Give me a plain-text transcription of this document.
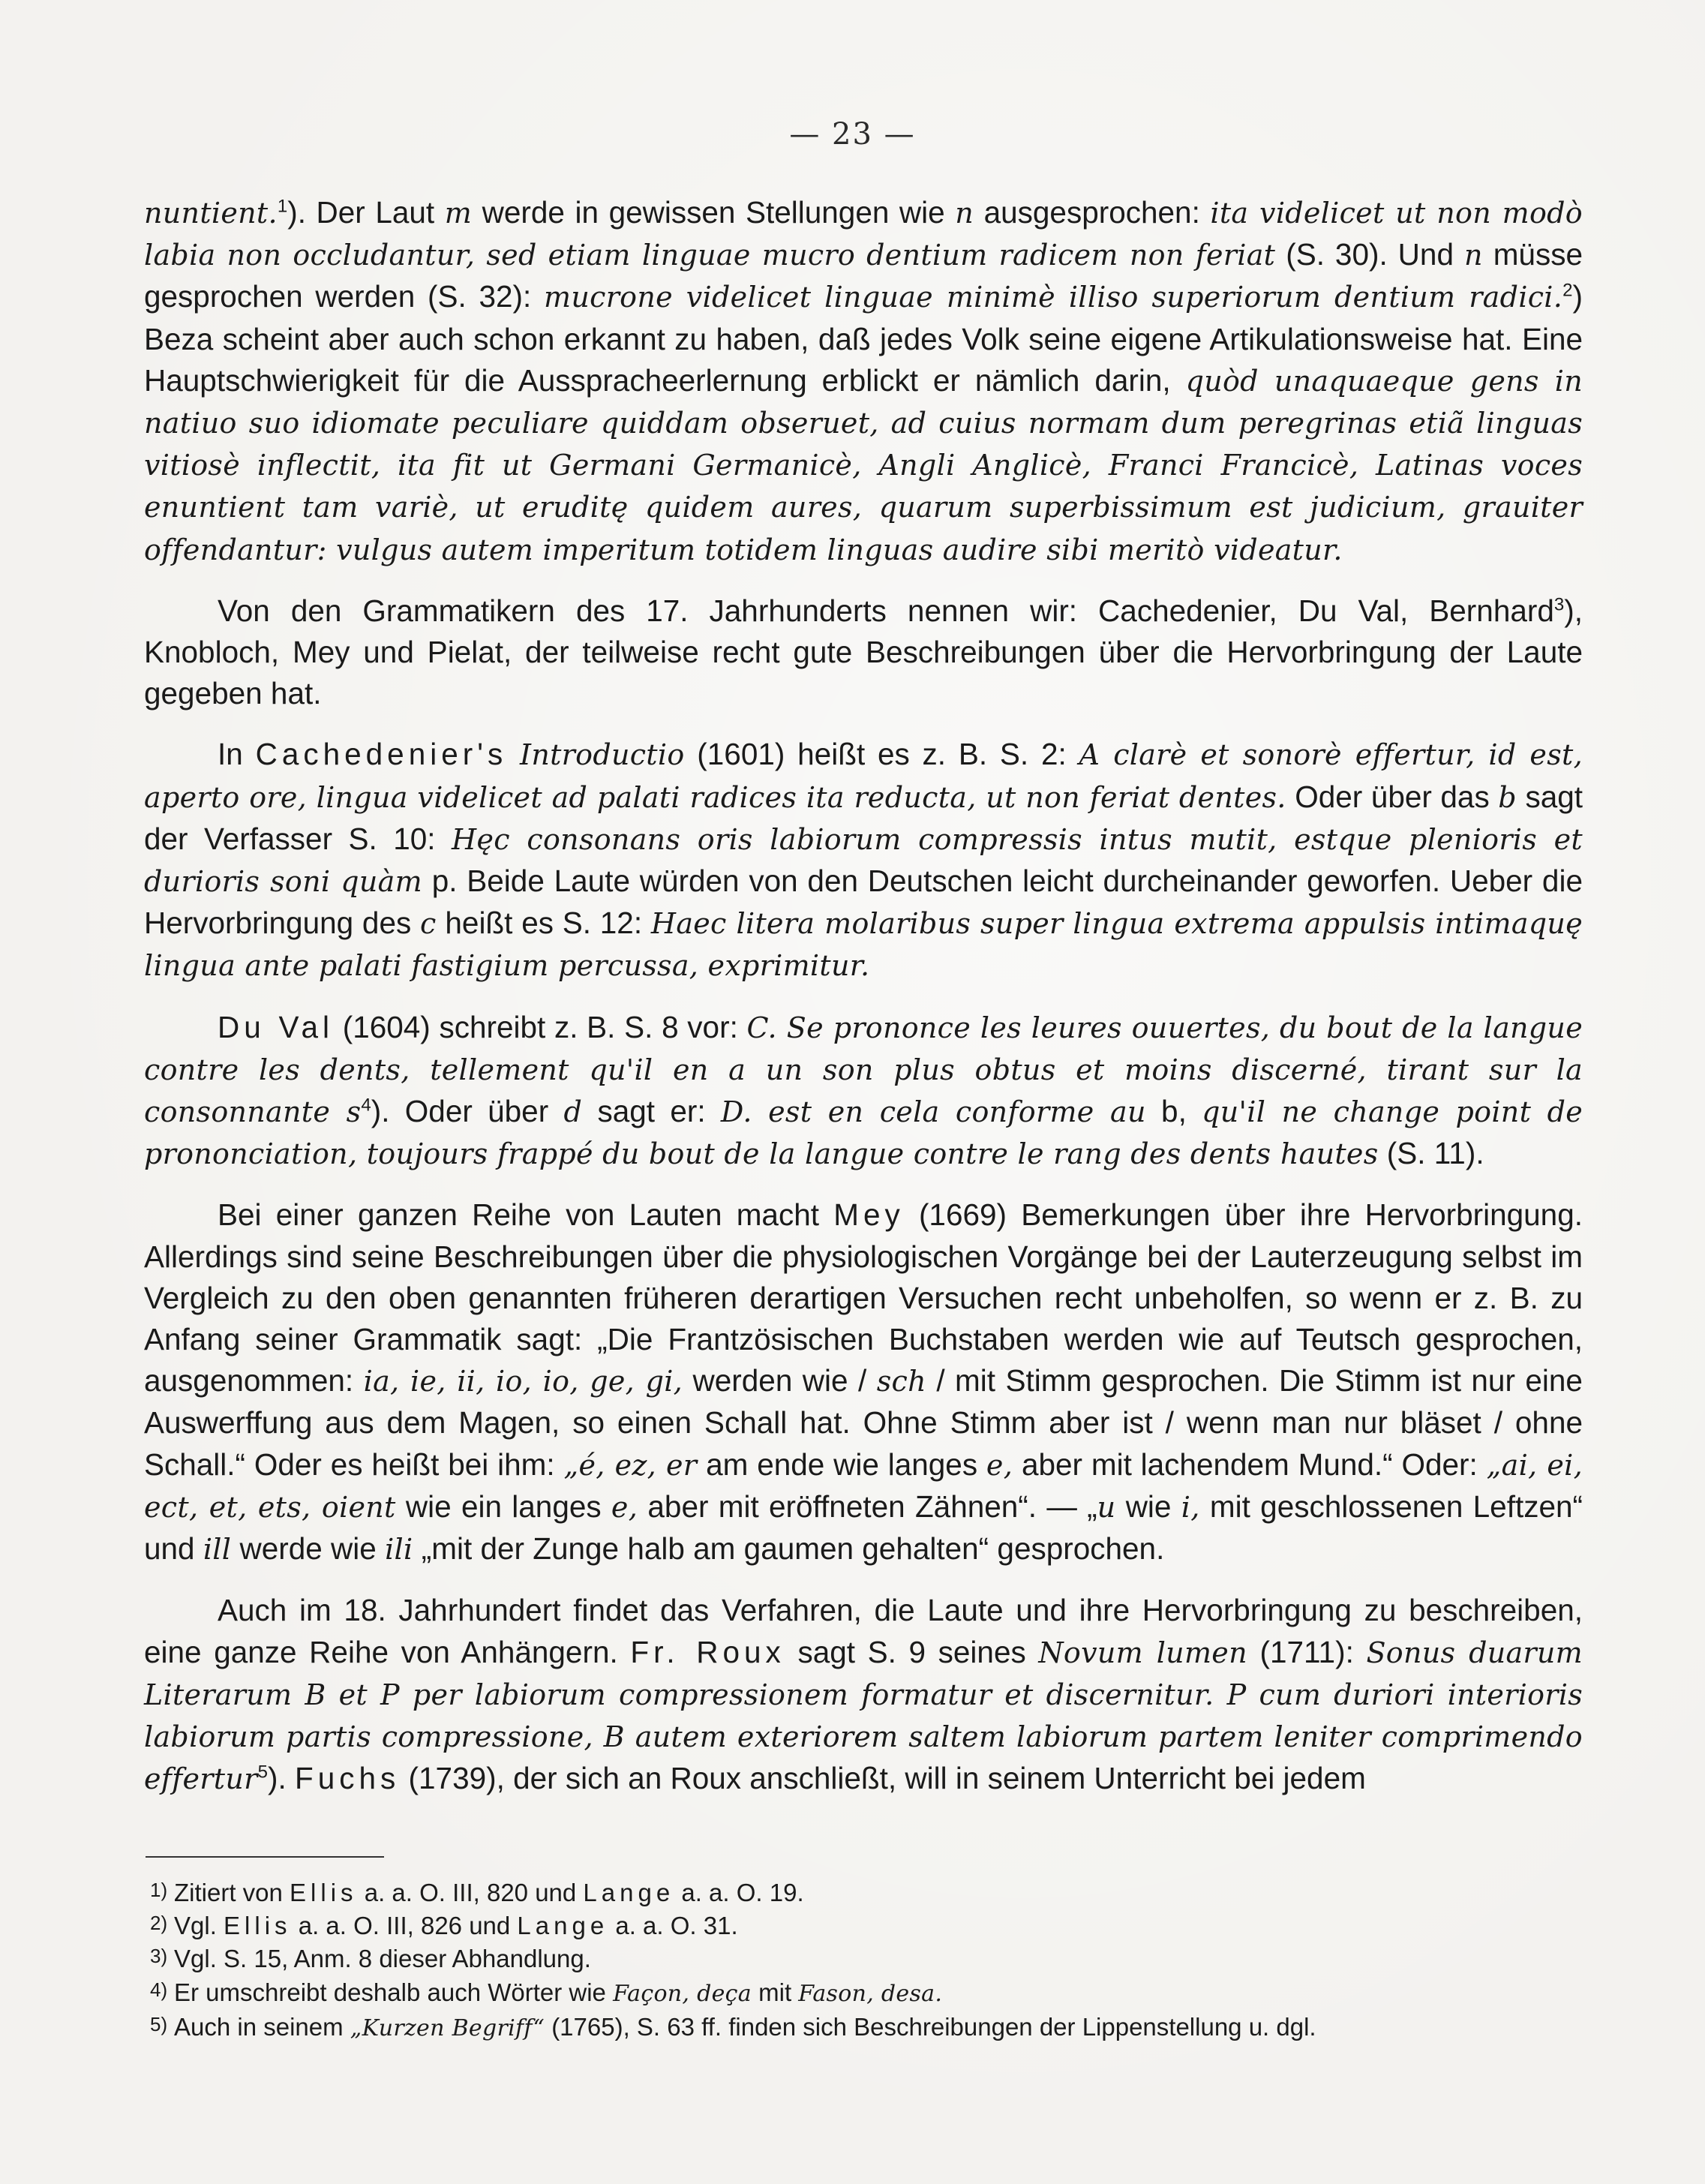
— 23 —

nuntient.$^1$). Der Laut m werde in gewissen Stellungen wie n ausgesprochen: ita videlicet ut non modò labia non occludantur, sed etiam linguae mucro dentium radicem non feriat (S. 30). Und n müsse gesprochen werden (S. 32): mucrone videlicet linguae minimè illiso superiorum dentium radici.$^2$) Beza scheint aber auch schon erkannt zu haben, daß jedes Volk seine eigene Artikulationsweise hat. Eine Hauptschwierigkeit für die Ausspracheerlernung erblickt er nämlich darin, quòd unaquaeque gens in natiuo suo idiomate peculiare quiddam obseruet, ad cuius normam dum peregrinas etiã linguas vitiosè inflectit, ita fit ut Germani Germanicè, Angli Anglicè, Franci Francicè, Latinas voces enuntient tam variè, ut eruditę quidem aures, quarum superbissimum est judicium, grauiter offendantur: vulgus autem imperitum totidem linguas audire sibi meritò videatur.

Von den Grammatikern des 17. Jahrhunderts nennen wir: Cachedenier, Du Val, Bernhard$^3$), Knobloch, Mey und Pielat, der teilweise recht gute Beschreibungen über die Hervorbringung der Laute gegeben hat.

In Cachedenier's Introductio (1601) heißt es z. B. S. 2: A clarè et sonorè effertur, id est, aperto ore, lingua videlicet ad palati radices ita reducta, ut non feriat dentes. Oder über das b sagt der Verfasser S. 10: Hęc consonans oris labiorum compressis intus mutit, estque plenioris et durioris soni quàm p. Beide Laute würden von den Deutschen leicht durcheinander geworfen. Ueber die Hervorbringung des c heißt es S. 12: Haec litera molaribus super lingua extrema appulsis intimaquę lingua ante palati fastigium percussa, exprimitur.

Du Val (1604) schreibt z. B. S. 8 vor: C. Se prononce les leures ouuertes, du bout de la langue contre les dents, tellement qu'il en a un son plus obtus et moins discerné, tirant sur la consonnante $s^4$). Oder über d sagt er: D. est en cela conforme au b, qu'il ne change point de prononciation, toujours frappé du bout de la langue contre le rang des dents hautes (S. 11).

Bei einer ganzen Reihe von Lauten macht Mey (1669) Bemerkungen über ihre Hervorbringung. Allerdings sind seine Beschreibungen über die physiologischen Vorgänge bei der Lauterzeugung selbst im Vergleich zu den oben genannten früheren derartigen Versuchen recht unbeholfen, so wenn er z. B. zu Anfang seiner Grammatik sagt: „Die Frantzösischen Buchstaben werden wie auf Teutsch gesprochen, ausgenommen: ia, ie, ii, io, io, ge, gi, werden wie / sch / mit Stimm gesprochen. Die Stimm ist nur eine Auswerffung aus dem Magen, so einen Schall hat. Ohne Stimm aber ist / wenn man nur bläset / ohne Schall.“ Oder es heißt bei ihm: „é, ez, er am ende wie langes e, aber mit lachendem Mund.“ Oder: „ai, ei, ect, et, ets, oient wie ein langes e, aber mit eröffneten Zähnen“. — „u wie i, mit geschlossenen Leftzen“ und ill werde wie ili „mit der Zunge halb am gaumen gehalten“ gesprochen.

Auch im 18. Jahrhundert findet das Verfahren, die Laute und ihre Hervorbringung zu beschreiben, eine ganze Reihe von Anhängern. Fr. Roux sagt S. 9 seines Novum lumen (1711): Sonus duarum Literarum B et P per labiorum compressionem formatur et discernitur. P cum duriori interioris labiorum partis compressione, B autem exteriorem saltem labiorum partem leniter comprimendo effertur$^5$). Fuchs (1739), der sich an Roux anschließt, will in seinem Unterricht bei jedem

1) Zitiert von Ellis a. a. O. III, 820 und Lange a. a. O. 19.
2) Vgl. Ellis a. a. O. III, 826 und Lange a. a. O. 31.
3) Vgl. S. 15, Anm. 8 dieser Abhandlung.
4) Er umschreibt deshalb auch Wörter wie Façon, deça mit Fason, desa.
5) Auch in seinem „Kurzen Begriff“ (1765), S. 63 ff. finden sich Beschreibungen der Lippenstellung u. dgl.
